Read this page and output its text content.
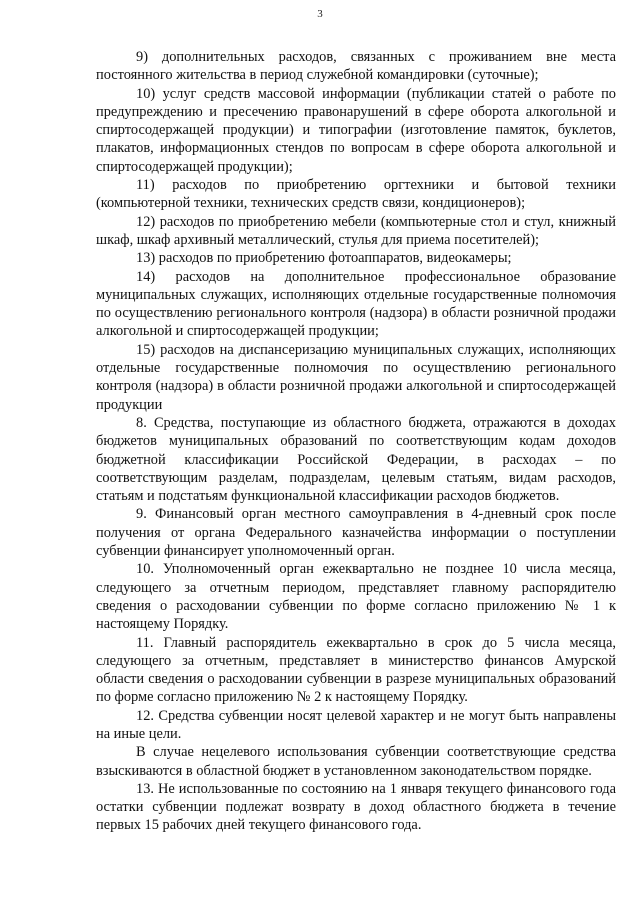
3

9) дополнительных расходов, связанных с проживанием вне места постоянного жительства в период служебной командировки (суточные);

10) услуг средств массовой информации (публикации статей о работе по предупреждению и пресечению правонарушений в сфере оборота алкогольной и спиртосодержащей продукции) и типографии (изготовление памяток, буклетов, плакатов, информационных стендов по вопросам в сфере оборота алкогольной и спиртосодержащей продукции);

11) расходов по приобретению оргтехники и бытовой техники (компьютерной техники, технических средств связи, кондиционеров);

12) расходов по приобретению мебели (компьютерные стол и стул, книжный шкаф, шкаф архивный металлический, стулья для приема посетителей);

13) расходов по приобретению фотоаппаратов, видеокамеры;

14) расходов на дополнительное профессиональное образование муниципальных служащих, исполняющих отдельные государственные полномочия по осуществлению регионального контроля (надзора) в области розничной продажи алкогольной и спиртосодержащей продукции;

15) расходов на диспансеризацию муниципальных служащих, исполняющих отдельные государственные полномочия по осуществлению регионального контроля (надзора) в области розничной продажи алкогольной и спиртосодержащей продукции

8. Средства, поступающие из областного бюджета, отражаются в доходах бюджетов муниципальных образований по соответствующим кодам доходов бюджетной классификации Российской Федерации, в расходах – по соответствующим разделам, подразделам, целевым статьям, видам расходов, статьям и подстатьям функциональной классификации расходов бюджетов.

9. Финансовый орган местного самоуправления в 4-дневный срок после получения от органа Федерального казначейства информации о поступлении субвенции финансирует уполномоченный орган.

10. Уполномоченный орган ежеквартально не позднее 10 числа месяца, следующего за отчетным периодом, представляет главному распорядителю сведения о расходовании субвенции по форме согласно приложению № 1 к настоящему Порядку.

11. Главный распорядитель ежеквартально в срок до 5 числа месяца, следующего за отчетным, представляет в министерство финансов Амурской области сведения о расходовании субвенции в разрезе муниципальных образований по форме согласно приложению № 2 к настоящему Порядку.

12. Средства субвенции носят целевой характер и не могут быть направлены на иные цели.

В случае нецелевого использования субвенции соответствующие средства взыскиваются в областной бюджет в установленном законодательством порядке.

13. Не использованные по состоянию на 1 января текущего финансового года остатки субвенции подлежат возврату в доход областного бюджета в течение первых 15 рабочих дней текущего финансового года.
